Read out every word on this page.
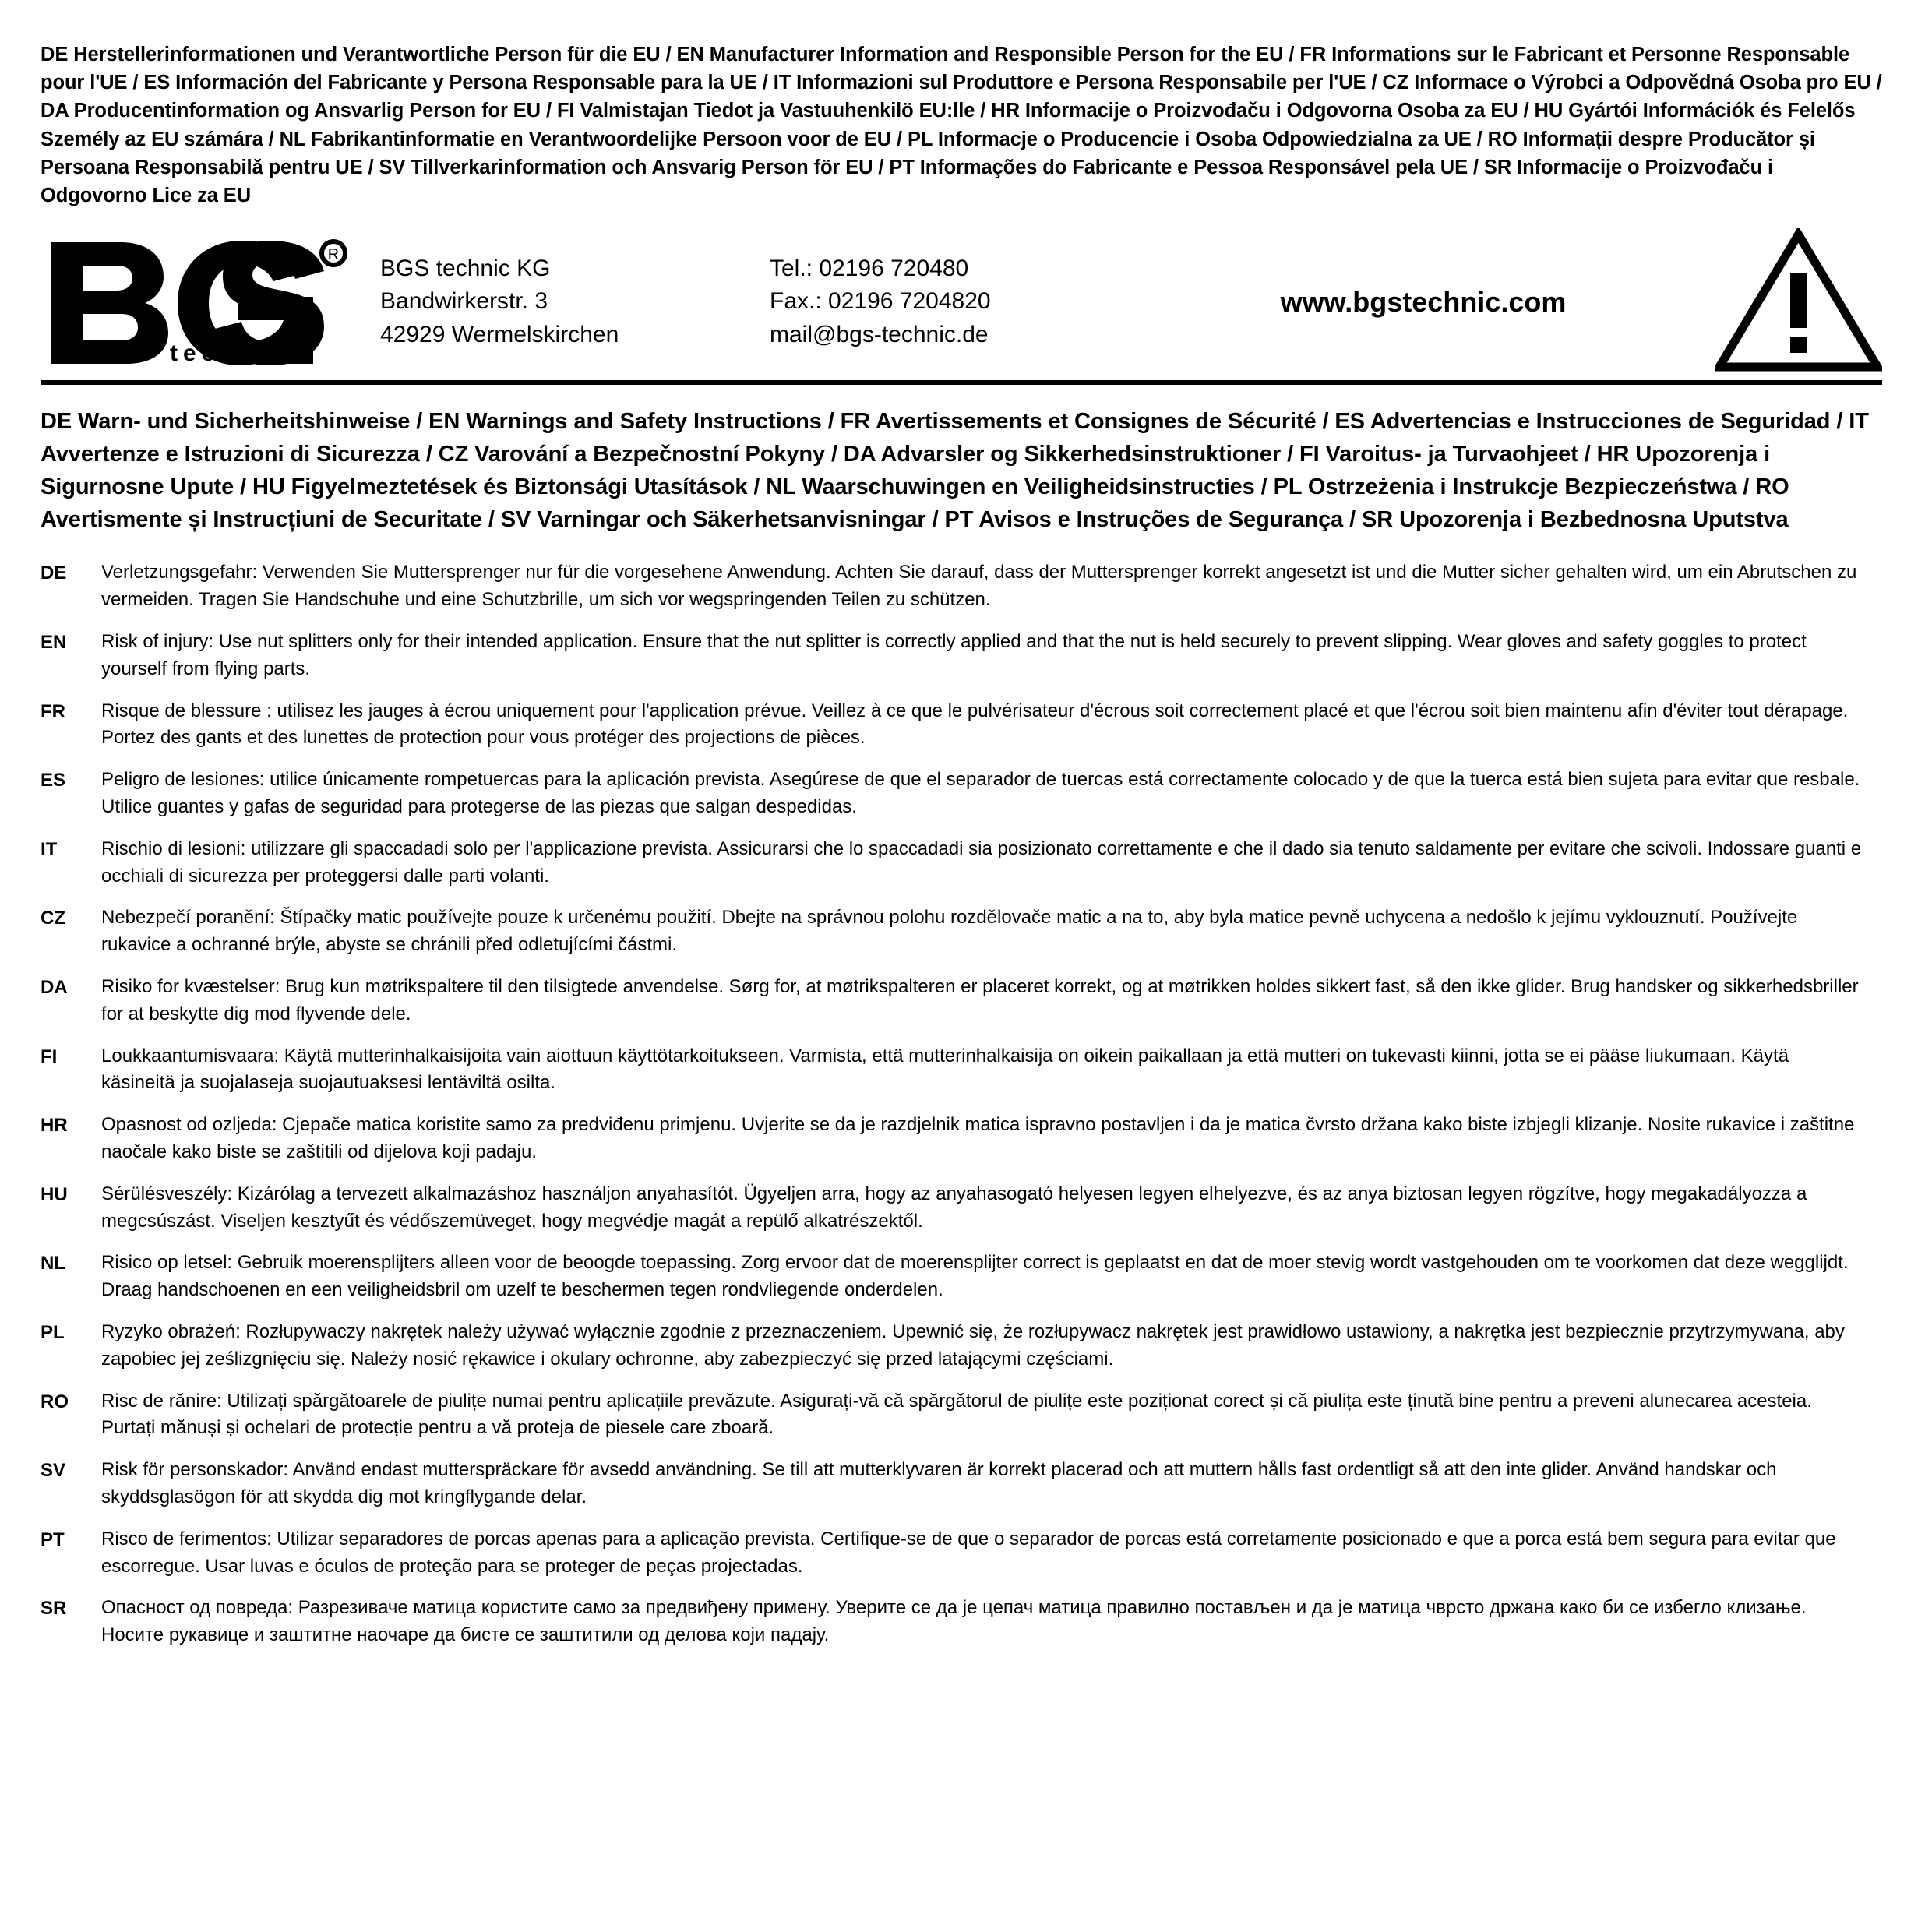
DE Herstellerinformationen und Verantwortliche Person für die EU / EN Manufacturer Information and Responsible Person for the EU / FR Informations sur le Fabricant et Personne Responsable pour l'UE / ES Información del Fabricante y Persona Responsable para la UE / IT Informazioni sul Produttore e Persona Responsabile per l'UE / CZ Informace o Výrobci a Odpovědná Osoba pro EU / DA Producentinformation og Ansvarlig Person for EU / FI Valmistajan Tiedot ja Vastuuhenkilö EU:lle / HR Informacije o Proizvođaču i Odgovorna Osoba za EU / HU Gyártói Információk és Felelős Személy az EU számára / NL Fabrikantinformatie en Verantwoordelijke Persoon voor de EU / PL Informacje o Producencie i Osoba Odpowiedzialna za UE / RO Informații despre Producător și Persoana Responsabilă pentru UE / SV Tillverkarinformation och Ansvarig Person för EU / PT Informações do Fabricante e Pessoa Responsável pela UE / SR Informacije o Proizvođaču i Odgovorno Lice za EU
R
technic
BGS technic KG
Bandwirkerstr. 3
42929 Wermelskirchen
Tel.: 02196 720480
Fax.: 02196 7204820
mail@bgs-technic.de
www.bgstechnic.com
DE Warn- und Sicherheitshinweise / EN Warnings and Safety Instructions / FR Avertissements et Consignes de Sécurité / ES Advertencias e Instrucciones de Seguridad / IT Avvertenze e Istruzioni di Sicurezza / CZ Varování a Bezpečnostní Pokyny / DA Advarsler og Sikkerhedsinstruktioner / FI Varoitus- ja Turvaohjeet / HR Upozorenja i Sigurnosne Upute / HU Figyelmeztetések és Biztonsági Utasítások / NL Waarschuwingen en Veiligheidsinstructies / PL Ostrzeżenia i Instrukcje Bezpieczeństwa / RO Avertismente și Instrucțiuni de Securitate / SV Varningar och Säkerhetsanvisningar / PT Avisos e Instruções de Segurança / SR Upozorenja i Bezbednosna Uputstva
DE	Verletzungsgefahr: Verwenden Sie Muttersprenger nur für die vorgesehene Anwendung. Achten Sie darauf, dass der Muttersprenger korrekt angesetzt ist und die Mutter sicher gehalten wird, um ein Abrutschen zu vermeiden. Tragen Sie Handschuhe und eine Schutzbrille, um sich vor wegspringenden Teilen zu schützen.
EN	Risk of injury: Use nut splitters only for their intended application. Ensure that the nut splitter is correctly applied and that the nut is held securely to prevent slipping. Wear gloves and safety goggles to protect yourself from flying parts.
FR	Risque de blessure : utilisez les jauges à écrou uniquement pour l'application prévue. Veillez à ce que le pulvérisateur d'écrous soit correctement placé et que l'écrou soit bien maintenu afin d'éviter tout dérapage. Portez des gants et des lunettes de protection pour vous protéger des projections de pièces.
ES	Peligro de lesiones: utilice únicamente rompetuercas para la aplicación prevista. Asegúrese de que el separador de tuercas está correctamente colocado y de que la tuerca está bien sujeta para evitar que resbale. Utilice guantes y gafas de seguridad para protegerse de las piezas que salgan despedidas.
IT	Rischio di lesioni: utilizzare gli spaccadadi solo per l'applicazione prevista. Assicurarsi che lo spaccadadi sia posizionato correttamente e che il dado sia tenuto saldamente per evitare che scivoli. Indossare guanti e occhiali di sicurezza per proteggersi dalle parti volanti.
CZ	Nebezpečí poranění: Štípačky matic používejte pouze k určenému použití. Dbejte na správnou polohu rozdělovače matic a na to, aby byla matice pevně uchycena a nedošlo k jejímu vyklouznutí. Používejte rukavice a ochranné brýle, abyste se chránili před odletujícími částmi.
DA	Risiko for kvæstelser: Brug kun møtrikspaltere til den tilsigtede anvendelse. Sørg for, at møtrikspalteren er placeret korrekt, og at møtrikken holdes sikkert fast, så den ikke glider. Brug handsker og sikkerhedsbriller for at beskytte dig mod flyvende dele.
FI	Loukkaantumisvaara: Käytä mutterinhalkaisijoita vain aiottuun käyttötarkoitukseen. Varmista, että mutterinhalkaisija on oikein paikallaan ja että mutteri on tukevasti kiinni, jotta se ei pääse liukumaan. Käytä käsineitä ja suojalaseja suojautuaksesi lentäviltä osilta.
HR	Opasnost od ozljeda: Cjepače matica koristite samo za predviđenu primjenu. Uvjerite se da je razdjelnik matica ispravno postavljen i da je matica čvrsto držana kako biste izbjegli klizanje. Nosite rukavice i zaštitne naočale kako biste se zaštitili od dijelova koji padaju.
HU	Sérülésveszély: Kizárólag a tervezett alkalmazáshoz használjon anyahasítót. Ügyeljen arra, hogy az anyahasogató helyesen legyen elhelyezve, és az anya biztosan legyen rögzítve, hogy megakadályozza a megcsúszást. Viseljen kesztyűt és védőszemüveget, hogy megvédje magát a repülő alkatrészektől.
NL	Risico op letsel: Gebruik moerensplijters alleen voor de beoogde toepassing. Zorg ervoor dat de moerensplijter correct is geplaatst en dat de moer stevig wordt vastgehouden om te voorkomen dat deze wegglijdt. Draag handschoenen en een veiligheidsbril om uzelf te beschermen tegen rondvliegende onderdelen.
PL	Ryzyko obrażeń: Rozłupywaczy nakrętek należy używać wyłącznie zgodnie z przeznaczeniem. Upewnić się, że rozłupywacz nakrętek jest prawidłowo ustawiony, a nakrętka jest bezpiecznie przytrzymywana, aby zapobiec jej ześlizgnięciu się. Należy nosić rękawice i okulary ochronne, aby zabezpieczyć się przed latającymi częściami.
RO	Risc de rănire: Utilizați spărgătoarele de piulițe numai pentru aplicațiile prevăzute. Asigurați-vă că spărgătorul de piulițe este poziționat corect și că piulița este ținută bine pentru a preveni alunecarea acesteia. Purtați mănuși și ochelari de protecție pentru a vă proteja de piesele care zboară.
SV	Risk för personskador: Använd endast mutterspräckare för avsedd användning. Se till att mutterklyvaren är korrekt placerad och att muttern hålls fast ordentligt så att den inte glider. Använd handskar och skyddsglasögon för att skydda dig mot kringflygande delar.
PT	Risco de ferimentos: Utilizar separadores de porcas apenas para a aplicação prevista. Certifique-se de que o separador de porcas está corretamente posicionado e que a porca está bem segura para evitar que escorregue. Usar luvas e óculos de proteção para se proteger de peças projectadas.
SR	Опасност од повреда: Разрезиваче матица користите само за предвиђену примену. Уверите се да је цепач матица правилно постављен и да је матица чврсто држана како би се избегло клизање. Носите рукавице и заштитне наочаре да бисте се заштитили од делова који падају.
